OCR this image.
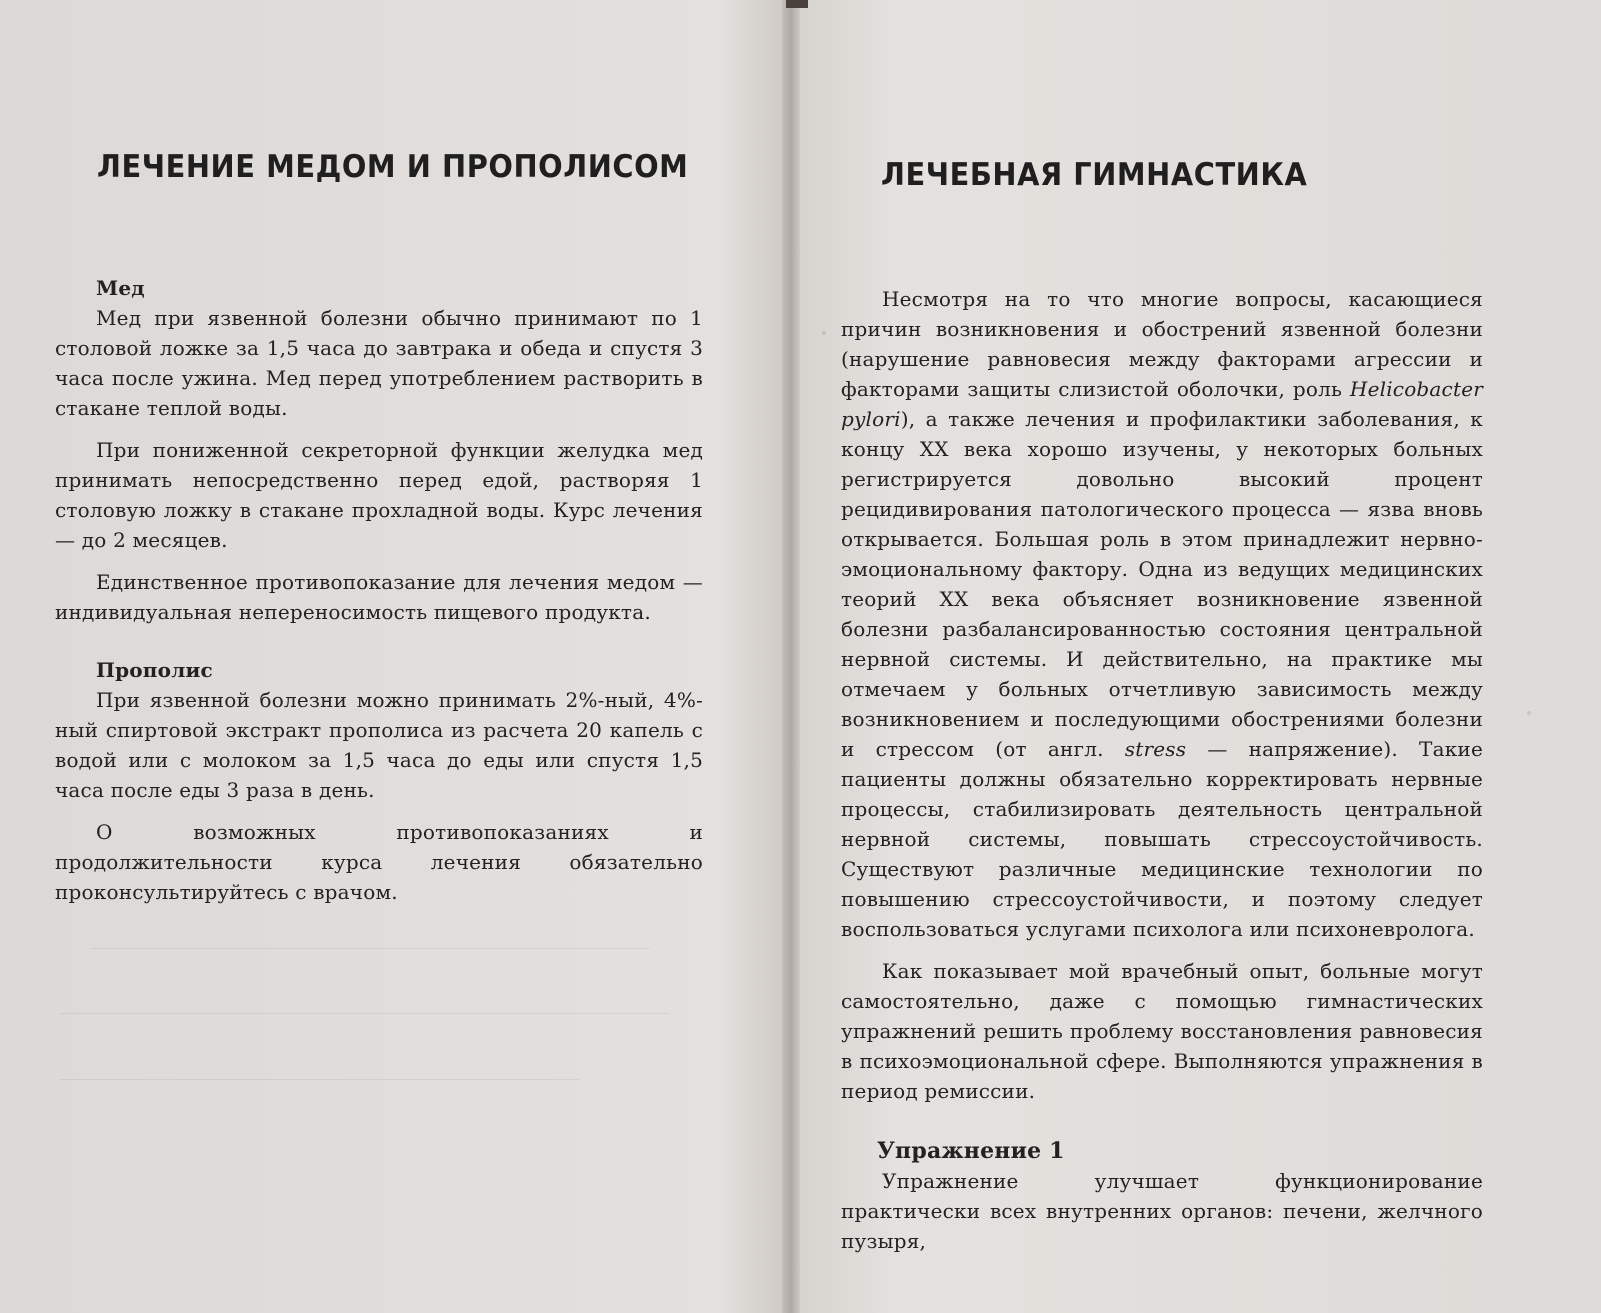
ЛЕЧЕНИЕ МЕДОМ И ПРОПОЛИСОМ
Мед

Мед при язвенной болезни обычно принимают по 1 столовой ложке за 1,5 часа до завтрака и обеда и спустя 3 часа после ужина. Мед перед употреблением растворить в стакане теплой воды.

При пониженной секреторной функции желудка мед принимать непосредственно перед едой, растворяя 1 столовую ложку в стакане прохладной воды. Курс лечения — до 2 месяцев.

Единственное противопоказание для лечения медом — индивидуальная непереносимость пищевого продукта.

Прополис

При язвенной болезни можно принимать 2%-ный, 4%-ный спиртовой экстракт прополиса из расчета 20 капель с водой или с молоком за 1,5 часа до еды или спустя 1,5 часа после еды 3 раза в день.

О возможных противопоказаниях и продолжительности курса лечения обязательно проконсультируйтесь с врачом.

ЛЕЧЕБНАЯ ГИМНАСТИКА

Несмотря на то что многие вопросы, касающиеся причин возникновения и обострений язвенной болезни (нарушение равновесия между факторами агрессии и факторами защиты слизистой оболочки, роль Helicobacter pylori), а также лечения и профилактики заболевания, к концу XX века хорошо изучены, у некоторых больных регистрируется довольно высокий процент рецидивирования патологического процесса — язва вновь открывается. Большая роль в этом принадлежит нервно-эмоциональному фактору. Одна из ведущих медицинских теорий XX века объясняет возникновение язвенной болезни разбалансированностью состояния центральной нервной системы. И действительно, на практике мы отмечаем у больных отчетливую зависимость между возникновением и последующими обострениями болезни и стрессом (от англ. stress — напряжение). Такие пациенты должны обязательно корректировать нервные процессы, стабилизировать деятельность центральной нервной системы, повышать стрессоустойчивость. Существуют различные медицинские технологии по повышению стрессоустойчивости, и поэтому следует воспользоваться услугами психолога или психоневролога.

Как показывает мой врачебный опыт, больные могут самостоятельно, даже с помощью гимнастических упражнений решить проблему восстановления равновесия в психоэмоциональной сфере. Выполняются упражнения в период ремиссии.

Упражнение 1

Упражнение улучшает функционирование практически всех внутренних органов: печени, желчного пузыря,
